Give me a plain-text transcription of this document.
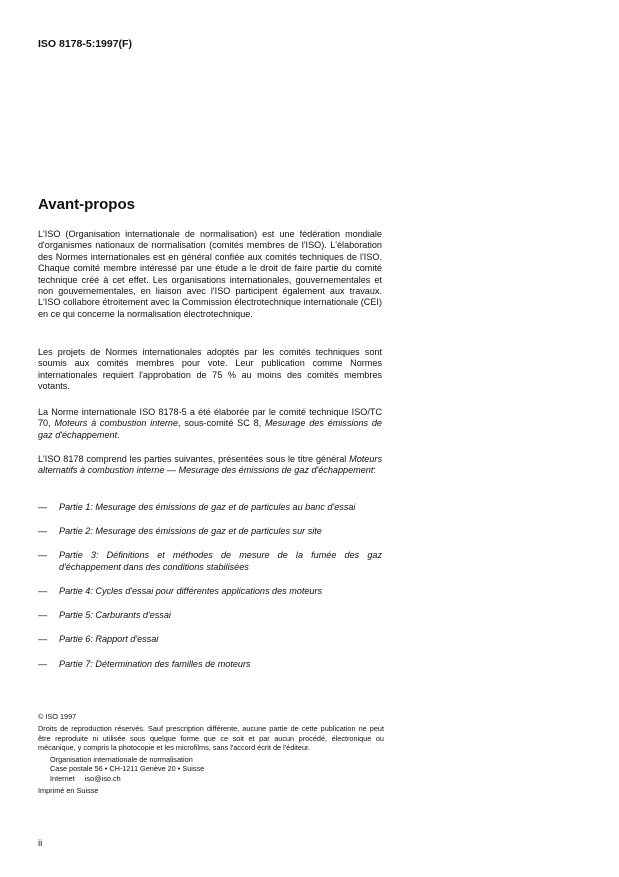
ISO 8178-5:1997(F)
Avant-propos

L'ISO (Organisation internationale de normalisation) est une fédération mondiale d'organismes nationaux de normalisation (comités membres de l'ISO). L'élaboration des Normes internationales est en général confiée aux comités techniques de l'ISO. Chaque comité membre intéressé par une étude a le droit de faire partie du comité technique créé à cet effet. Les organisations internationales, gouvernementales et non gouvernementales, en liaison avec l'ISO participent également aux travaux. L'ISO collabore étroitement avec la Commission électrotechnique internationale (CEI) en ce qui concerne la normalisation électrotechnique.

Les projets de Normes internationales adoptés par les comités techniques sont soumis aux comités membres pour vote. Leur publication comme Normes internationales requiert l'approbation de 75 % au moins des comités membres votants.

La Norme internationale ISO 8178-5 a été élaborée par le comité technique ISO/TC 70, Moteurs à combustion interne, sous-comité SC 8, Mesurage des émissions de gaz d'échappement.

L'ISO 8178 comprend les parties suivantes, présentées sous le titre général Moteurs alternatifs à combustion interne — Mesurage des émissions de gaz d'échappement:

— Partie 1: Mesurage des émissions de gaz et de particules au banc d'essai
— Partie 2: Mesurage des émissions de gaz et de particules sur site
— Partie 3: Définitions et méthodes de mesure de la fumée des gaz d'échappement dans des conditions stabilisées
— Partie 4: Cycles d'essai pour différentes applications des moteurs
— Partie 5: Carburants d'essai
— Partie 6: Rapport d'essai
— Partie 7: Détermination des familles de moteurs

© ISO 1997

Droits de reproduction réservés. Sauf prescription différente, aucune partie de cette publication ne peut être reproduite ni utilisée sous quelque forme que ce soit et par aucun procédé, électronique ou mécanique, y compris la photocopie et les microfilms, sans l'accord écrit de l'éditeur.

Organisation internationale de normalisation

Case postale 56 • CH-1211 Genève 20 • Suisse

Internet     iso@iso.ch

Imprimé en Suisse

ii
